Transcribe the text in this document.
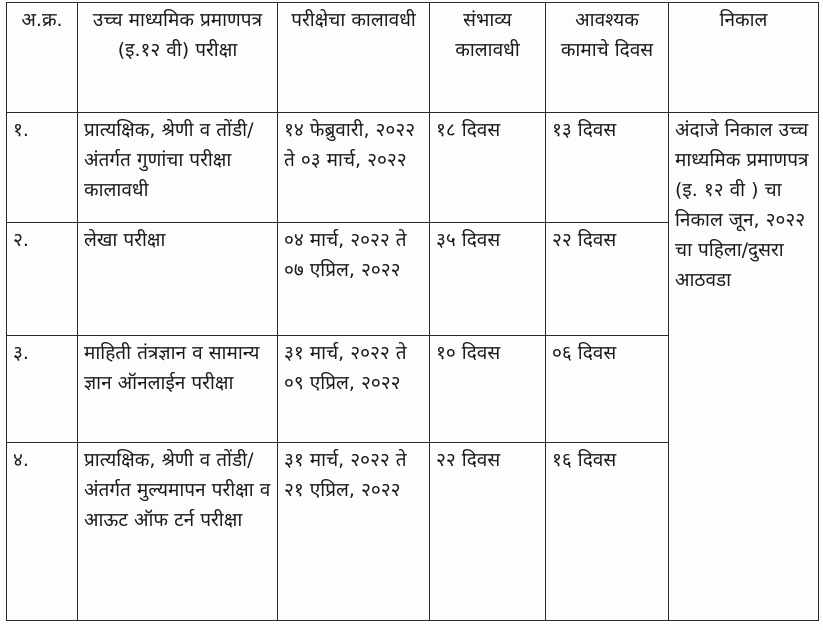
अ.क्र.	उच्च माध्यमिक प्रमाणपत्र (इ.१२ वी) परीक्षा	परीक्षेचा कालावधी	संभाव्य कालावधी	आवश्यक कामाचे दिवस	निकाल
१.	प्रात्यक्षिक, श्रेणी व तोंडी/अंतर्गत गुणांचा परीक्षा कालावधी	१४ फेब्रुवारी, २०२२ ते ०३ मार्च, २०२२	१८ दिवस	१३ दिवस	अंदाजे निकाल उच्च माध्यमिक प्रमाणपत्र (इ. १२ वी ) चा निकाल जून, २०२२ चा पहिला/दुसरा आठवडा
२.	लेखा परीक्षा	०४ मार्च, २०२२ ते ०७ एप्रिल, २०२२	३५ दिवस	२२ दिवस	
३.	माहिती तंत्रज्ञान व सामान्य ज्ञान ऑनलाईन परीक्षा	३१ मार्च, २०२२ ते ०९ एप्रिल, २०२२	१० दिवस	०६ दिवस	
४.	प्रात्यक्षिक, श्रेणी व तोंडी/ अंतर्गत मुल्यमापन परीक्षा व आऊट ऑफ टर्न परीक्षा	३१ मार्च, २०२२ ते २१ एप्रिल, २०२२	२२ दिवस	१६ दिवस	
